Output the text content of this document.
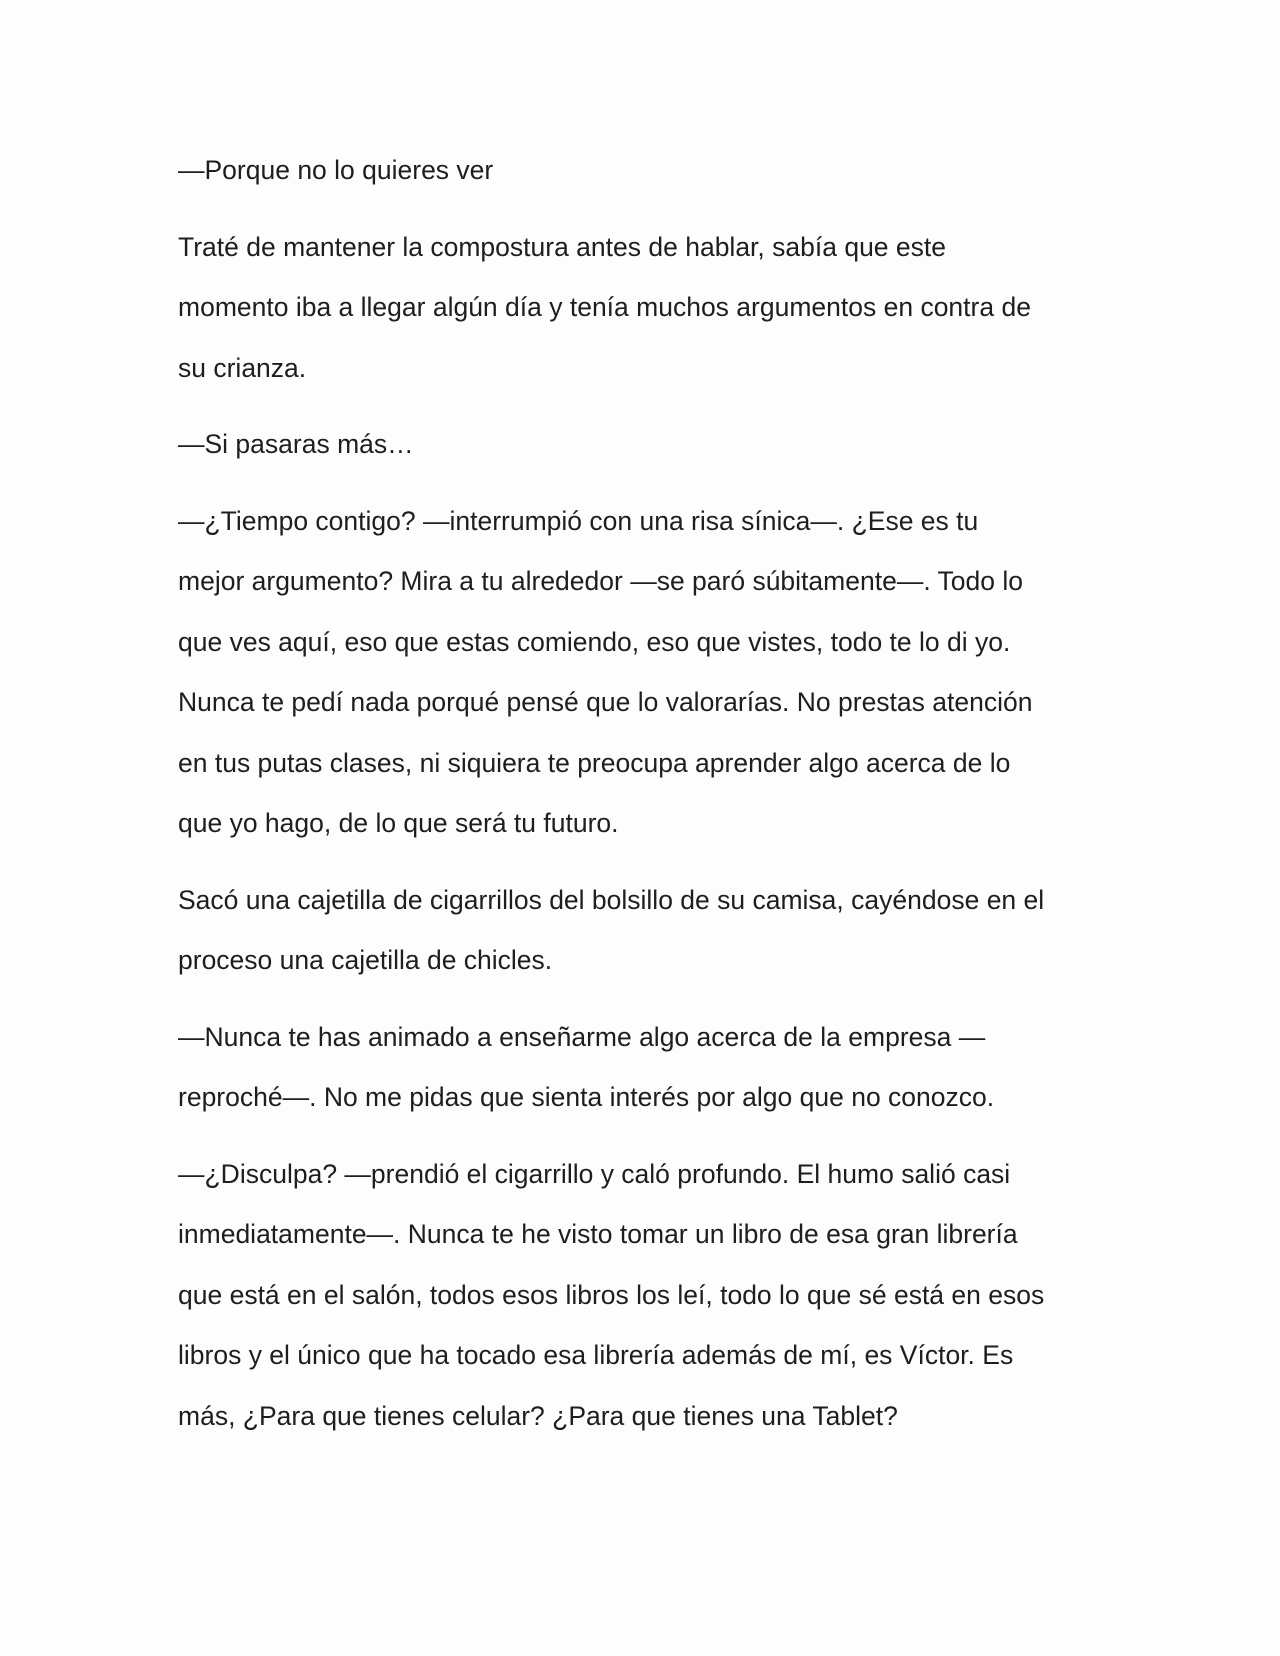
—Porque no lo quieres ver

Traté de mantener la compostura antes de hablar, sabía que este
momento iba a llegar algún día y tenía muchos argumentos en contra de
su crianza.

—Si pasaras más…

—¿Tiempo contigo? —interrumpió con una risa sínica—. ¿Ese es tu
mejor argumento? Mira a tu alrededor —se paró súbitamente—. Todo lo
que ves aquí, eso que estas comiendo, eso que vistes, todo te lo di yo.
Nunca te pedí nada porqué pensé que lo valorarías. No prestas atención
en tus putas clases, ni siquiera te preocupa aprender algo acerca de lo
que yo hago, de lo que será tu futuro.

Sacó una cajetilla de cigarrillos del bolsillo de su camisa, cayéndose en el
proceso una cajetilla de chicles.

—Nunca te has animado a enseñarme algo acerca de la empresa —
reproché—. No me pidas que sienta interés por algo que no conozco.

—¿Disculpa? —prendió el cigarrillo y caló profundo. El humo salió casi
inmediatamente—. Nunca te he visto tomar un libro de esa gran librería
que está en el salón, todos esos libros los leí, todo lo que sé está en esos
libros y el único que ha tocado esa librería además de mí, es Víctor. Es
más, ¿Para que tienes celular? ¿Para que tienes una Tablet?
